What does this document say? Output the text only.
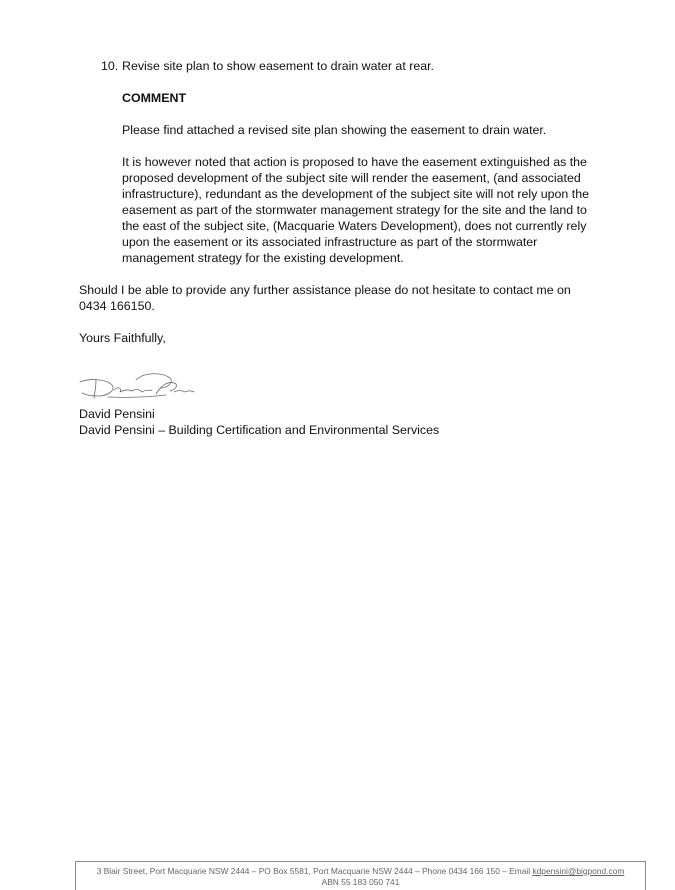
10. Revise site plan to show easement to drain water at rear.
COMMENT
Please find attached a revised site plan showing the easement to drain water.
It is however noted that action is proposed to have the easement extinguished as the proposed development of the subject site will render the easement, (and associated infrastructure), redundant as the development of the subject site will not rely upon the easement as part of the stormwater management strategy for the site and the land to the east of the subject site, (Macquarie Waters Development), does not currently rely upon the easement or its associated infrastructure as part of the stormwater management strategy for the existing development.
Should I be able to provide any further assistance please do not hesitate to contact me on 0434 166150.
Yours Faithfully,
David Pensini
David Pensini – Building Certification and Environmental Services
3 Blair Street, Port Macquarie NSW 2444 – PO Box 5581, Port Macquarie NSW 2444 – Phone 0434 166 150 – Email kdpensini@bigpond.com
ABN 55 183 050 741
